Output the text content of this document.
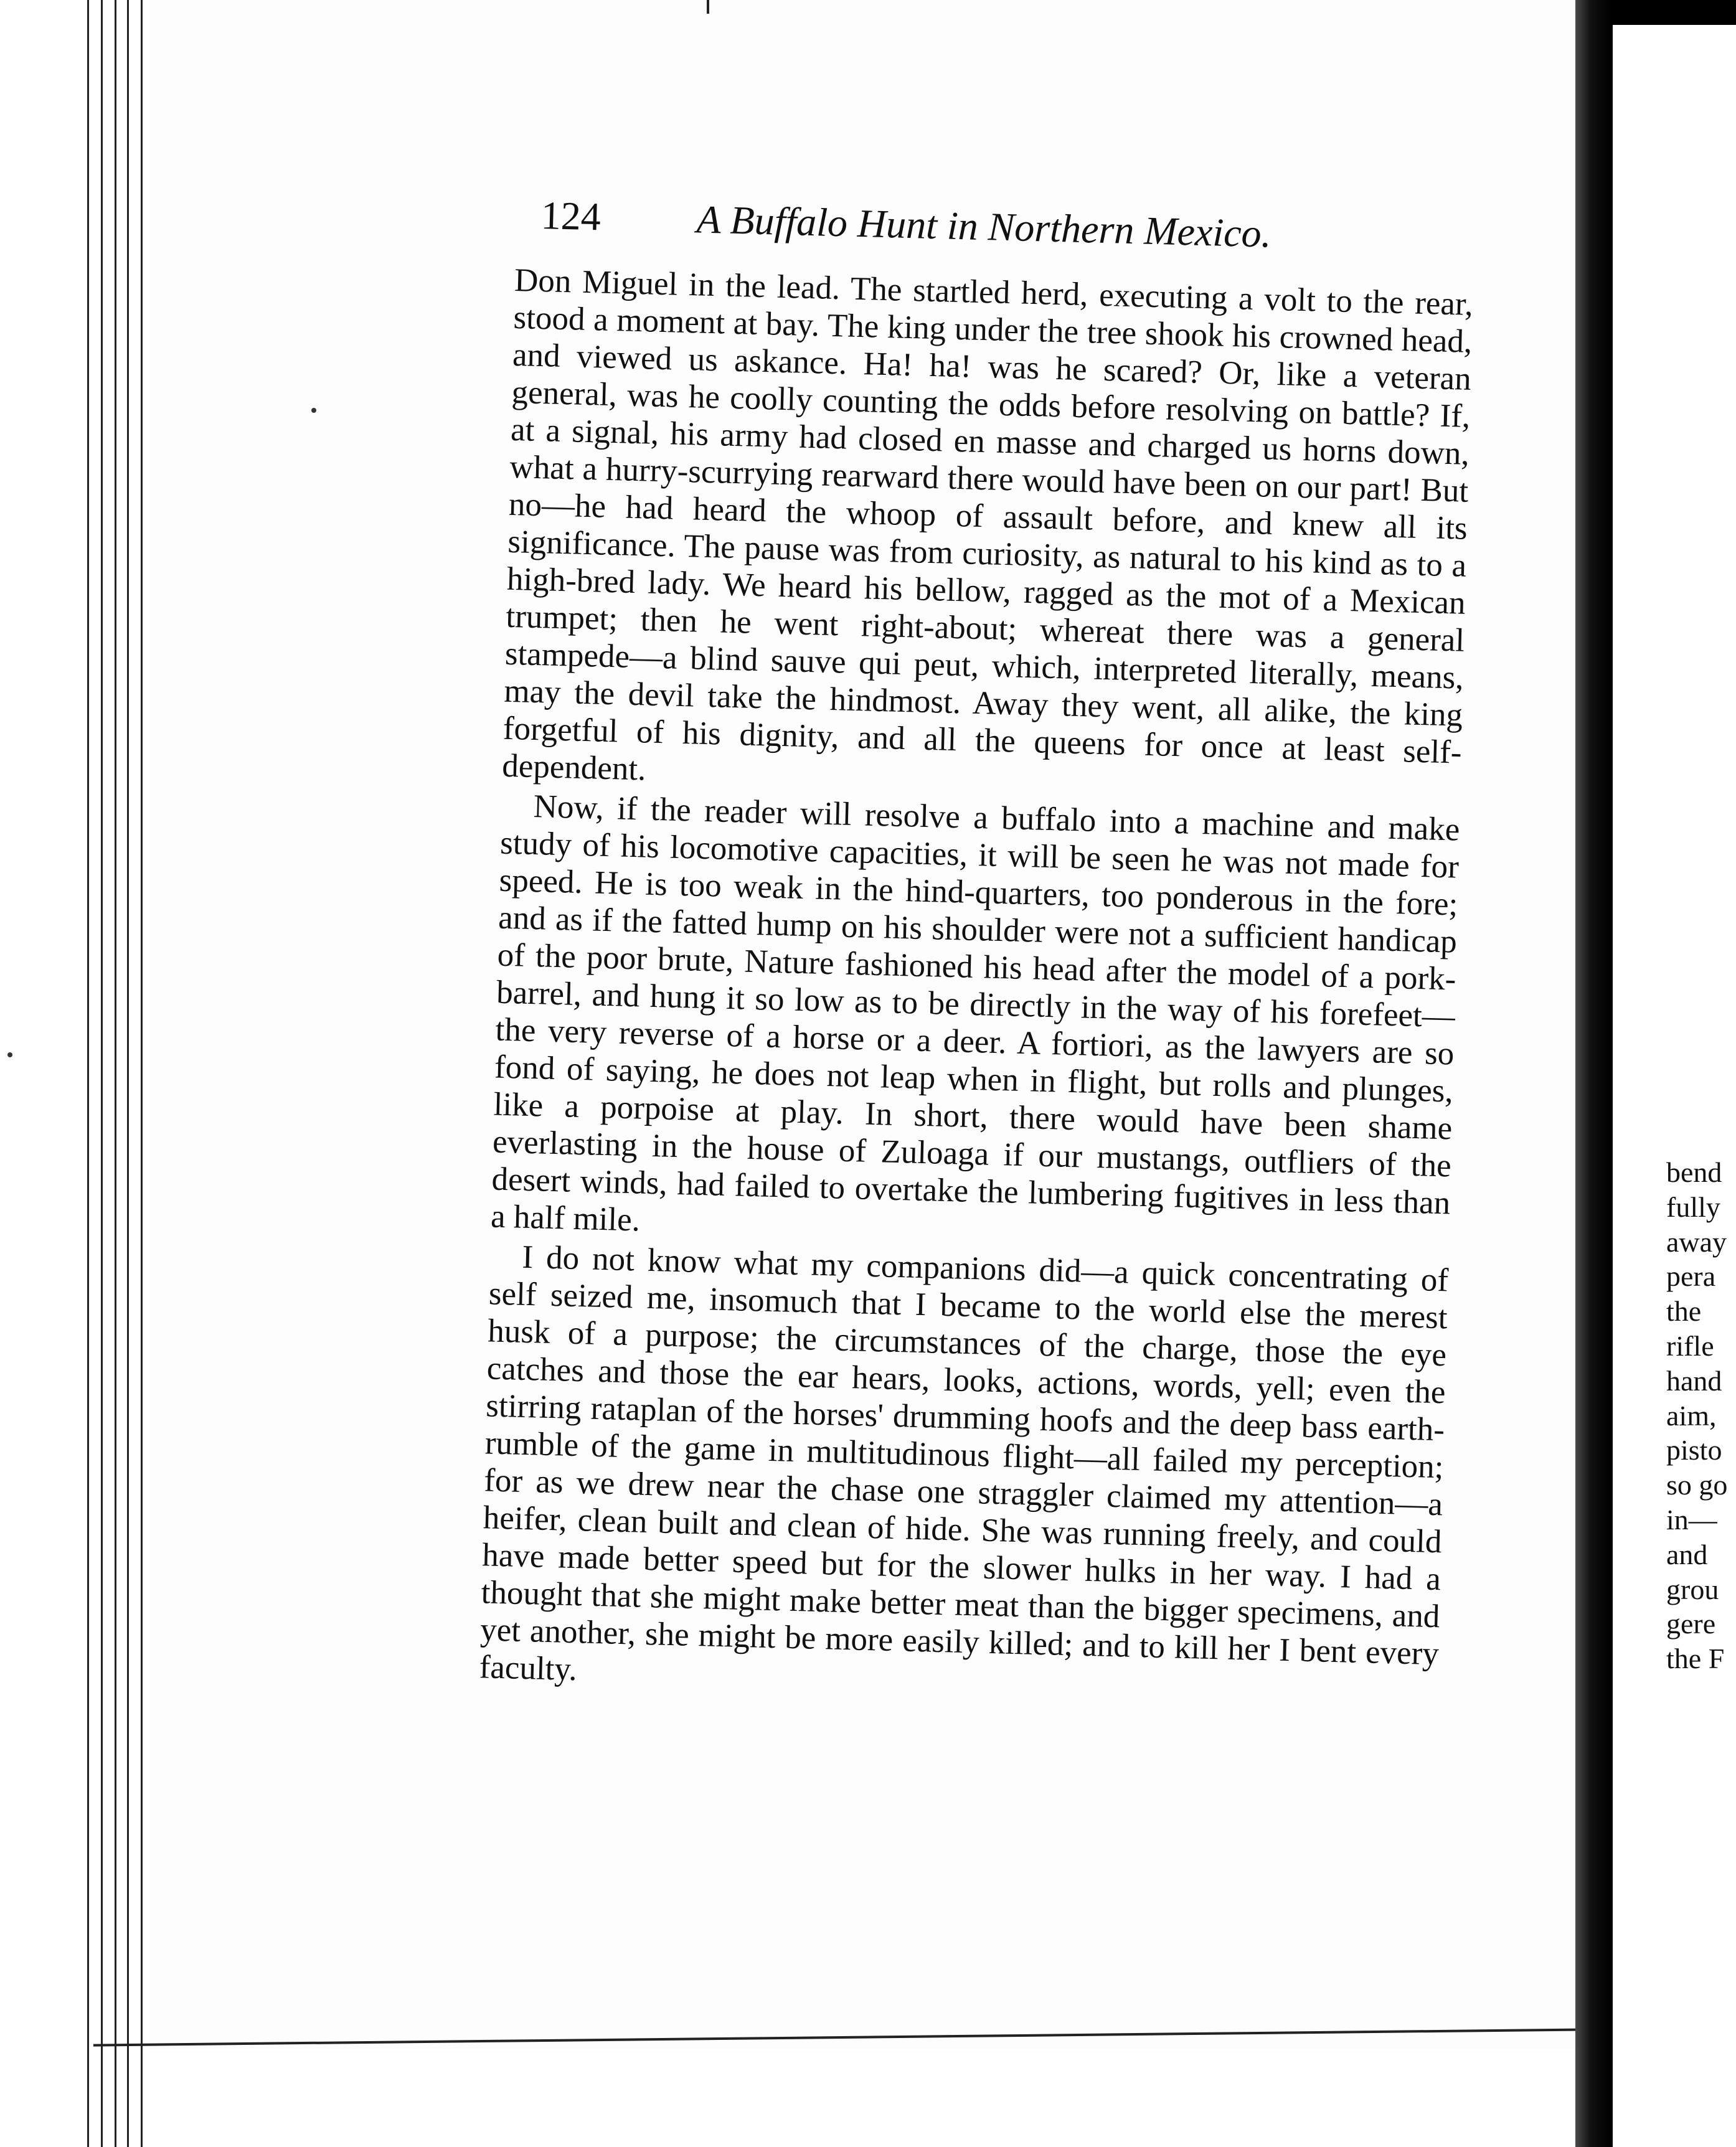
124 A Buffalo Hunt in Northern Mexico.

Don Miguel in the lead. The startled herd, executing a volt to the rear, stood a moment at bay. The king under the tree shook his crowned head, and viewed us askance. Ha! ha! was he scared? Or, like a veteran general, was he coolly counting the odds before resolving on battle? If, at a signal, his army had closed en masse and charged us horns down, what a hurry-scurrying rearward there would have been on our part! But no—he had heard the whoop of assault before, and knew all its significance. The pause was from curiosity, as natural to his kind as to a high-bred lady. We heard his bellow, ragged as the mot of a Mexican trumpet; then he went right-about; whereat there was a general stampede—a blind sauve qui peut, which, interpreted literally, means, may the devil take the hindmost. Away they went, all alike, the king forgetful of his dignity, and all the queens for once at least self-dependent.

Now, if the reader will resolve a buffalo into a machine and make study of his locomotive capacities, it will be seen he was not made for speed. He is too weak in the hind-quarters, too ponderous in the fore; and as if the fatted hump on his shoulder were not a sufficient handicap of the poor brute, Nature fashioned his head after the model of a pork-barrel, and hung it so low as to be directly in the way of his forefeet—the very reverse of a horse or a deer. A fortiori, as the lawyers are so fond of saying, he does not leap when in flight, but rolls and plunges, like a porpoise at play. In short, there would have been shame everlasting in the house of Zuloaga if our mustangs, outfliers of the desert winds, had failed to overtake the lumbering fugitives in less than a half mile.

I do not know what my companions did—a quick concentrating of self seized me, insomuch that I became to the world else the merest husk of a purpose; the circumstances of the charge, those the eye catches and those the ear hears, looks, actions, words, yell; even the stirring rataplan of the horses' drumming hoofs and the deep bass earth-rumble of the game in multitudinous flight—all failed my perception; for as we drew near the chase one straggler claimed my attention—a heifer, clean built and clean of hide. She was running freely, and could have made better speed but for the slower hulks in her way. I had a thought that she might make better meat than the bigger specimens, and yet another, she might be more easily killed; and to kill her I bent every faculty.

bend
fully
away
pera
the
rifle
hand
aim,
pisto
so go
in—
and
grou
gere
the F
